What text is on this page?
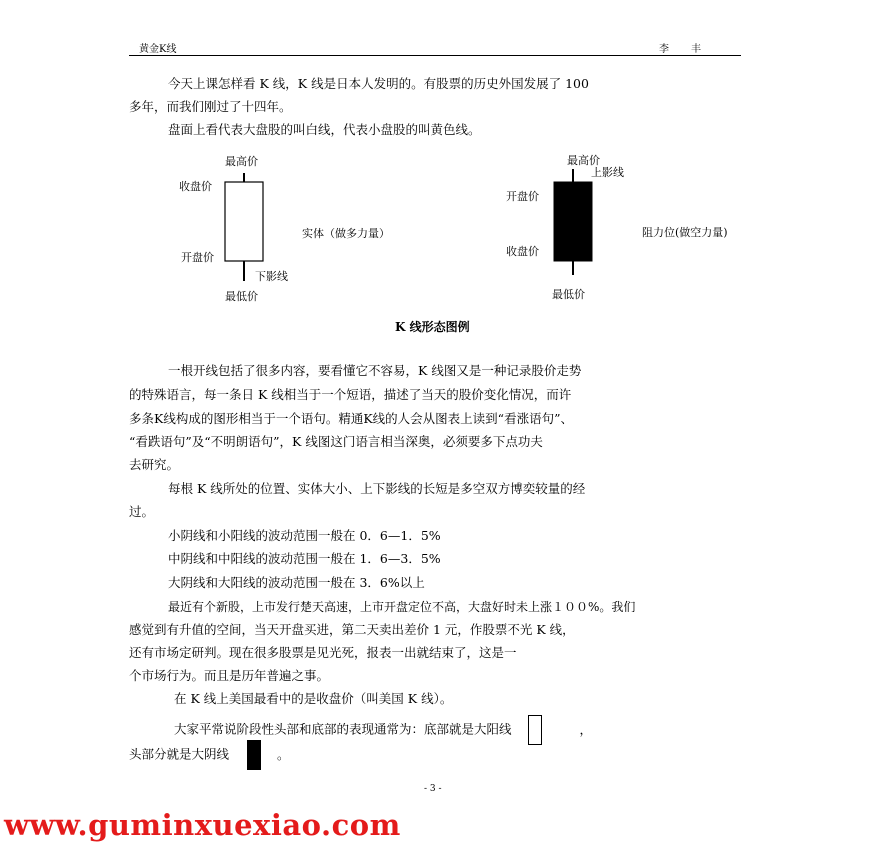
黄金K线	李丰
今天上课怎样看 K 线，K 线是日本人发明的。有股票的历史外国发展了 100
多年，而我们刚过了十四年。
盘面上看代表大盘股的叫白线，代表小盘股的叫黄色线。
最高价
收盘价
开盘价
下影线
最低价
实体（做多力量）
最高价
上影线
开盘价
收盘价
最低价
阻力位(做空力量)
K 线形态图例
一根开线包括了很多内容，要看懂它不容易，K 线图又是一种记录股价走势
的特殊语言，每一条日 K 线相当于一个短语，描述了当天的股价变化情况，而许
多条K线构成的图形相当于一个语句。精通K线的人会从图表上读到“看涨语句”、
“看跌语句”及“不明朗语句”，K 线图这门语言相当深奥，必须要多下点功夫
去研究。
每根 K 线所处的位置、实体大小、上下影线的长短是多空双方博奕较量的经
过。
小阴线和小阳线的波动范围一般在 0．6—1．5%
中阴线和中阳线的波动范围一般在 1．6—3．5%
大阴线和大阳线的波动范围一般在 3．6%以上
最近有个新股，上市发行楚天高速，上市开盘定位不高，大盘好时未上涨１００%。我们
感觉到有升值的空间，当天开盘买进，第二天卖出差价 1 元，作股票不光 K 线，
还有市场定研判。现在很多股票是见光死，报表一出就结束了，这是一
个市场行为。而且是历年普遍之事。
在 K 线上美国最看中的是收盘价（叫美国 K 线）。
大家平常说阶段性头部和底部的表现通常为：底部就是大阳线	，
头部分就是大阴线	。
- 3 -
www.guminxuexiao.com
